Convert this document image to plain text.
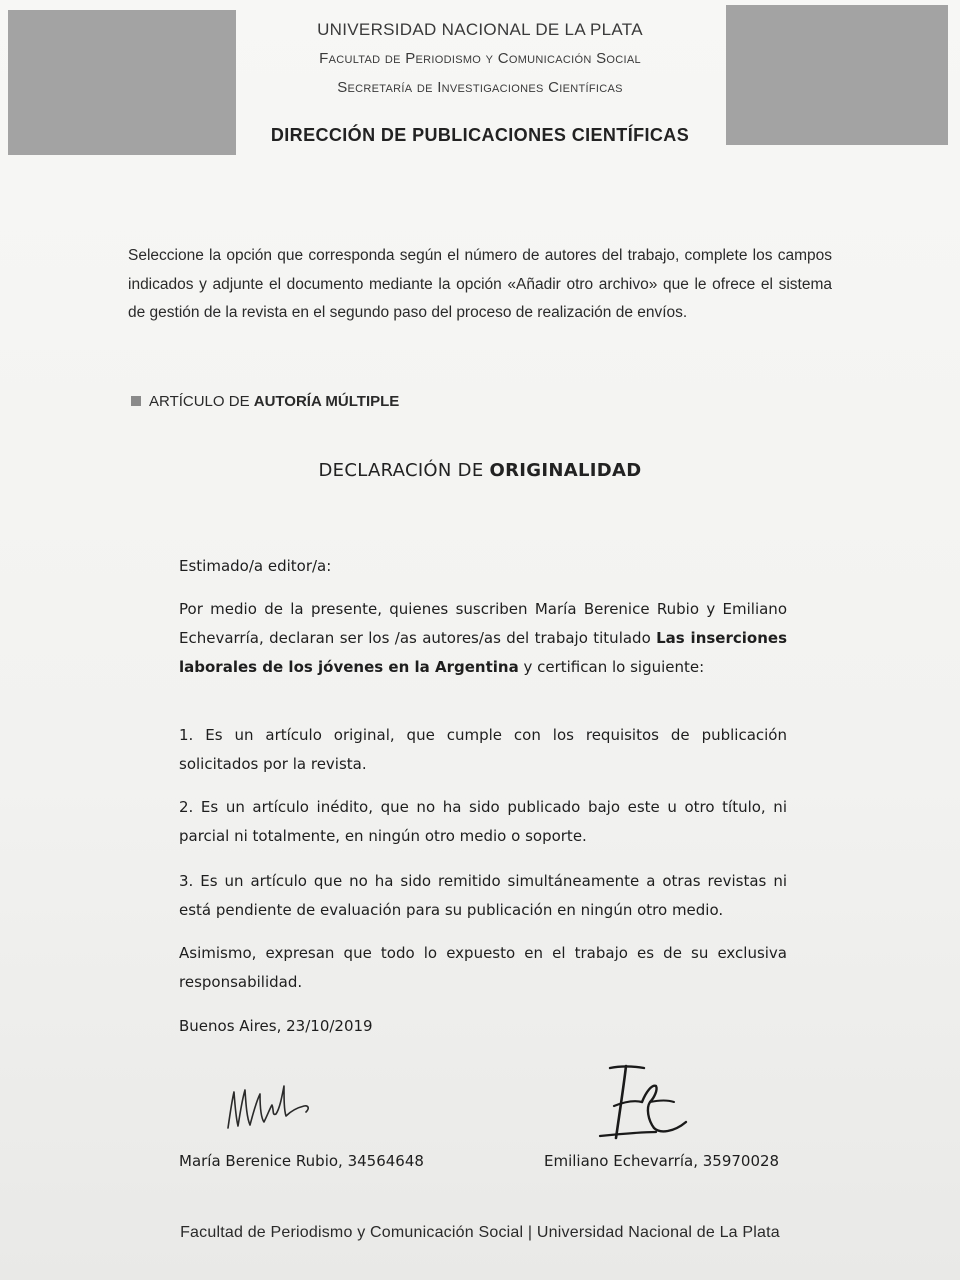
UNIVERSIDAD NACIONAL DE LA PLATA
Facultad de Periodismo y Comunicación Social
Secretaría de Investigaciones Científicas
DIRECCIÓN DE PUBLICACIONES CIENTÍFICAS
Seleccione la opción que corresponda según el número de autores del trabajo, complete los campos indicados y adjunte el documento mediante la opción «Añadir otro archivo» que le ofrece el sistema de gestión de la revista en el segundo paso del proceso de realización de envíos.
ARTÍCULO DE AUTORÍA MÚLTIPLE
DECLARACIÓN DE ORIGINALIDAD
Estimado/a editor/a:
Por medio de la presente, quienes suscriben María Berenice Rubio y Emiliano Echevarría, declaran ser los /as autores/as del trabajo titulado Las inserciones laborales de los jóvenes en la Argentina y certifican lo siguiente:
1. Es un artículo original, que cumple con los requisitos de publicación solicitados por la revista.
2. Es un artículo inédito, que no ha sido publicado bajo este u otro título, ni parcial ni totalmente, en ningún otro medio o soporte.
3. Es un artículo que no ha sido remitido simultáneamente a otras revistas ni está pendiente de evaluación para su publicación en ningún otro medio.
Asimismo, expresan que todo lo expuesto en el trabajo es de su exclusiva responsabilidad.
Buenos Aires, 23/10/2019
María Berenice Rubio, 34564648	Emiliano Echevarría, 35970028
Facultad de Periodismo y Comunicación Social | Universidad Nacional de La Plata
